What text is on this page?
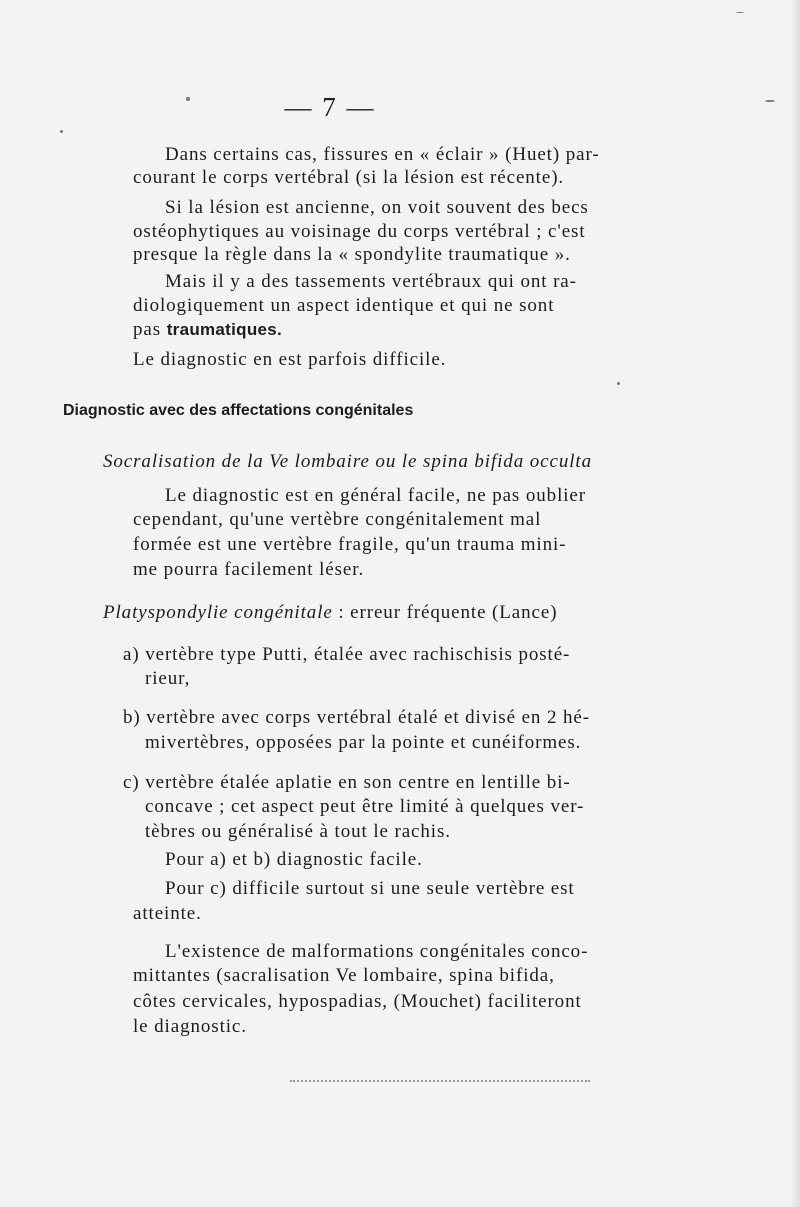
— 7 —
Dans certains cas, fissures en « éclair » (Huet) par-
courant le corps vertébral (si la lésion est récente).
Si la lésion est ancienne, on voit souvent des becs
ostéophytiques au voisinage du corps vertébral ; c'est
presque la règle dans la « spondylite traumatique ».
Mais il y a des tassements vertébraux qui ont ra-
diologiquement un aspect identique et qui ne sont
pas traumatiques.
Le diagnostic en est parfois difficile.
Diagnostic avec des affectations congénitales
Socralisation de la Ve lombaire ou le spina bifida occulta
Le diagnostic est en général facile, ne pas oublier
cependant, qu'une vertèbre congénitalement mal
formée est une vertèbre fragile, qu'un trauma mini-
me pourra facilement léser.
Platyspondylie congénitale : erreur fréquente (Lance)
a) vertèbre type Putti, étalée avec rachischisis posté-
rieur,
b) vertèbre avec corps vertébral étalé et divisé en 2 hé-
mivertèbres, opposées par la pointe et cunéiformes.
c) vertèbre étalée aplatie en son centre en lentille bi-
concave ; cet aspect peut être limité à quelques ver-
tèbres ou généralisé à tout le rachis.
Pour a) et b) diagnostic facile.
Pour c) difficile surtout si une seule vertèbre est
atteinte.
L'existence de malformations congénitales conco-
mittantes (sacralisation Ve lombaire, spina bifida,
côtes cervicales, hypospadias, (Mouchet) faciliteront
le diagnostic.
